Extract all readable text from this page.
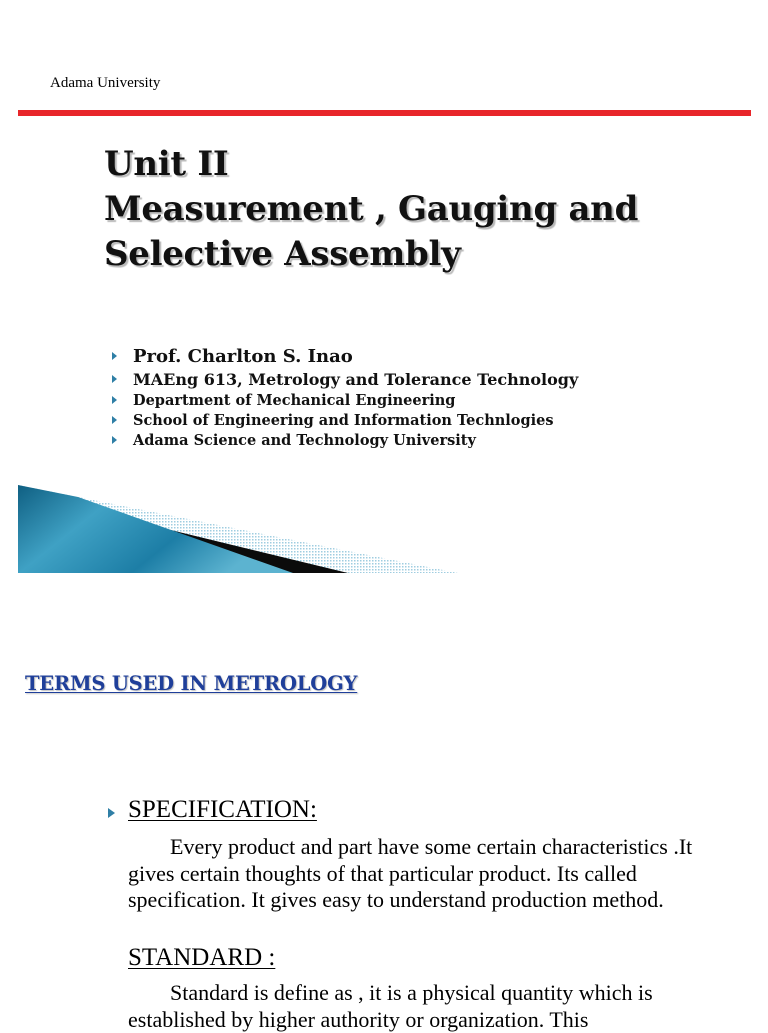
Adama University
Unit II
Measurement , Gauging and
Selective Assembly
Prof. Charlton S. Inao
MAEng 613, Metrology and Tolerance Technology
Department of Mechanical Engineering
School of Engineering and Information Technlogies
Adama Science and Technology University
TERMS USED IN METROLOGY
SPECIFICATION:

Every product and part have some certain characteristics .It gives certain thoughts of that particular product. Its called specification. It gives easy to understand production method.

STANDARD :

Standard is define as , it is a physical quantity which is established by higher authority or organization. This
